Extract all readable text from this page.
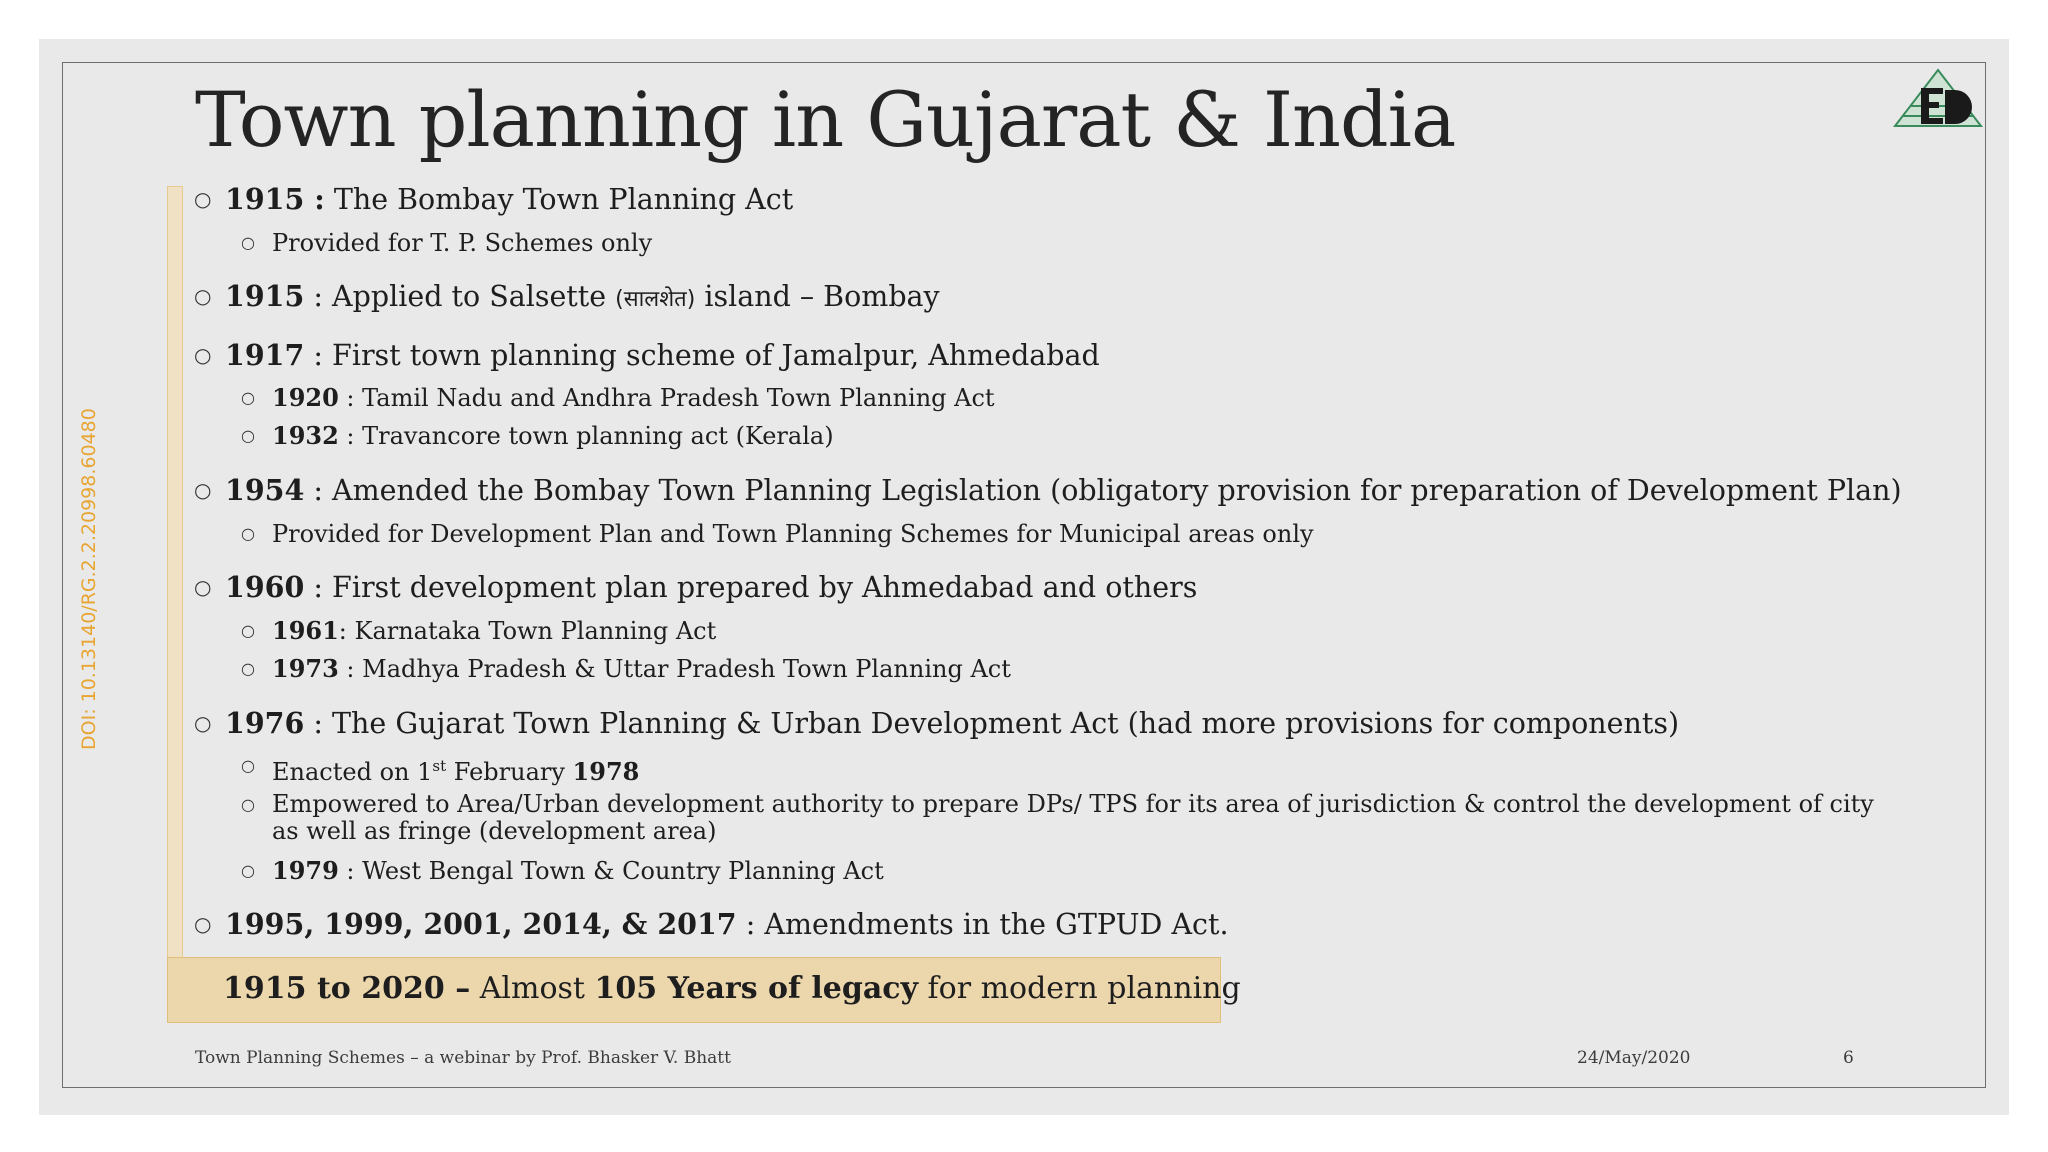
Town planning in Gujarat & India
DOI: 10.13140/RG.2.2.20998.60480
○ 1915 : The Bombay Town Planning Act
○ Provided for T. P. Schemes only
○ 1915 : Applied to Salsette (सालशेत) island – Bombay
○ 1917 : First town planning scheme of Jamalpur, Ahmedabad
○ 1920 : Tamil Nadu and Andhra Pradesh Town Planning Act
○ 1932 : Travancore town planning act (Kerala)
○ 1954 : Amended the Bombay Town Planning Legislation (obligatory provision for preparation of Development Plan)
○ Provided for Development Plan and Town Planning Schemes for Municipal areas only
○ 1960 : First development plan prepared by Ahmedabad and others
○ 1961: Karnataka Town Planning Act
○ 1973 : Madhya Pradesh & Uttar Pradesh Town Planning Act
○ 1976 : The Gujarat Town Planning & Urban Development Act (had more provisions for components)
○ Enacted on 1st February 1978
○ Empowered to Area/Urban development authority to prepare DPs/ TPS for its area of jurisdiction & control the development of city as well as fringe (development area)
○ 1979 : West Bengal Town & Country Planning Act
○ 1995, 1999, 2001, 2014, & 2017 : Amendments in the GTPUD Act.
1915 to 2020 – Almost 105 Years of legacy for modern planning
Town Planning Schemes – a webinar by Prof. Bhasker V. Bhatt	24/May/2020	6
